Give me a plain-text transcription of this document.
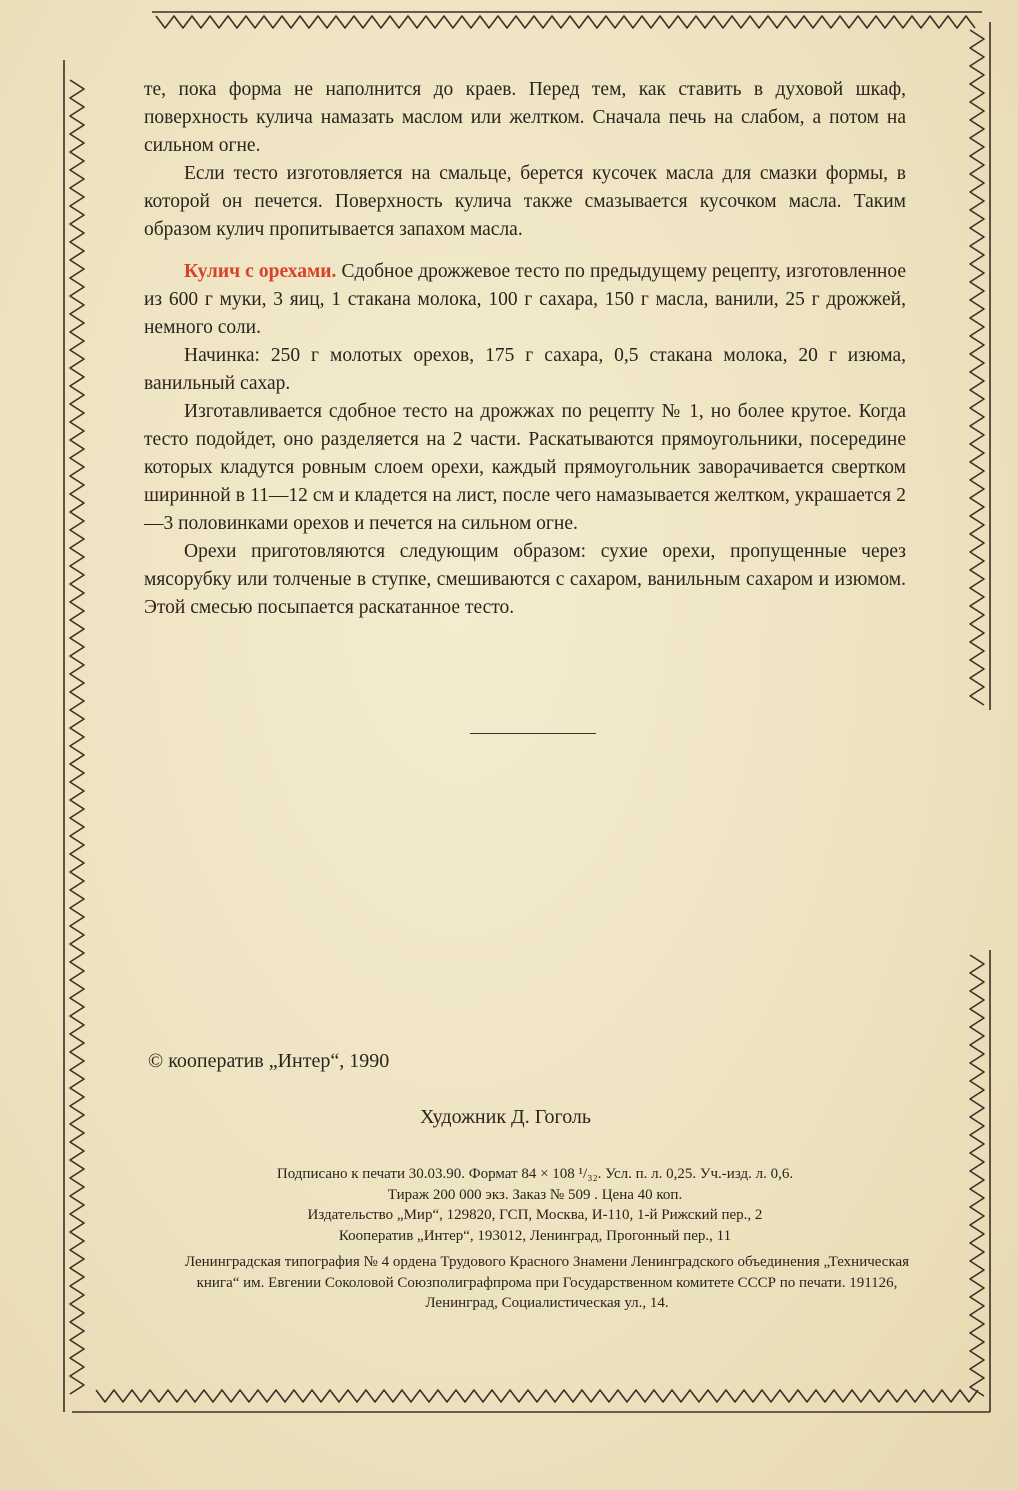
те, пока форма не наполнится до краев. Перед тем, как ставить в духовой шкаф, поверхность кулича намазать маслом или желтком. Сначала печь на слабом, а потом на сильном огне.

Если тесто изготовляется на смальце, берется кусочек масла для смазки формы, в которой он печется. Поверхность кулича также смазывается кусочком масла. Таким образом кулич пропитывается запахом масла.

Кулич с орехами. Сдобное дрожжевое тесто по предыдущему рецепту, изготовленное из 600 г муки, 3 яиц, 1 стакана молока, 100 г сахара, 150 г масла, ванили, 25 г дрожжей, немного соли.

Начинка: 250 г молотых орехов, 175 г сахара, 0,5 стакана молока, 20 г изюма, ванильный сахар.

Изготавливается сдобное тесто на дрожжах по рецепту № 1, но более крутое. Когда тесто подойдет, оно разделяется на 2 части. Раскатываются прямоугольники, посередине которых кладутся ровным слоем орехи, каждый прямоугольник заворачивается свертком ширинной в 11—12 см и кладется на лист, после чего намазывается желтком, украшается 2—3 половинками орехов и печется на сильном огне.

Орехи приготовляются следующим образом: сухие орехи, пропущенные через мясорубку или толченые в ступке, смешиваются с сахаром, ванильным сахаром и изюмом. Этой смесью посыпается раскатанное тесто.

© кооператив „Интер“, 1990
Художник Д. Гоголь
Подписано к печати 30.03.90. Формат 84 × 108 ¹/₃₂. Усл. п. л. 0,25. Уч.-изд. л. 0,6.
Тираж 200 000 экз. Заказ № 509 . Цена 40 коп.
Издательство „Мир“, 129820, ГСП, Москва, И-110, 1-й Рижский пер., 2
Кооператив „Интер“, 193012, Ленинград, Прогонный пер., 11
Ленинградская типография № 4 ордена Трудового Красного Знамени Ленинградского объединения „Техническая книга“ им. Евгении Соколовой Союзполиграфпрома при Государственном комитете СССР по печати. 191126, Ленинград, Социалистическая ул., 14.
